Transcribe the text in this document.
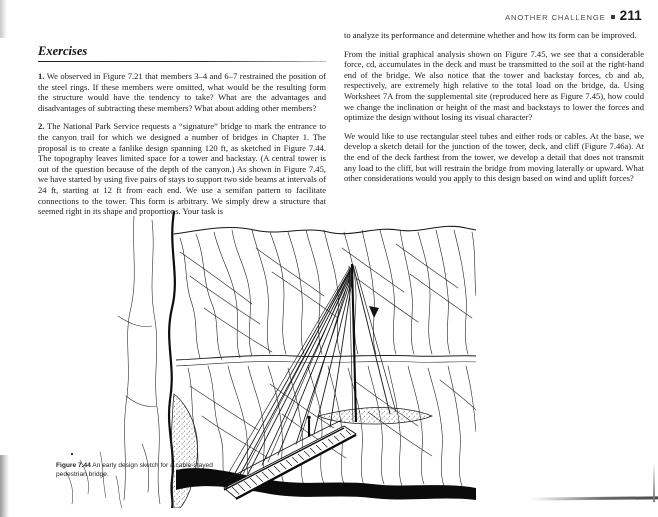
ANOTHER CHALLENGE 211
Exercises

1. We observed in Figure 7.21 that members 3–4 and 6–7 restrained the position of the steel rings. If these members were omitted, what would be the resulting form the structure would have the tendency to take? What are the advantages and disadvantages of subtracting these members? What about adding other members?

2. The National Park Service requests a “signature” bridge to mark the entrance to the canyon trail for which we designed a number of bridges in Chapter 1. The proposal is to create a fanlike design spanning 120 ft, as sketched in Figure 7.44. The topography leaves limited space for a tower and backstay. (A central tower is out of the question because of the depth of the canyon.) As shown in Figure 7.45, we have started by using five pairs of stays to support two side beams at intervals of 24 ft, starting at 12 ft from each end. We use a semifan pattern to facilitate connections to the tower. This form is arbitrary. We simply drew a structure that seemed right in its shape and proportions. Your task is

to analyze its performance and determine whether and how its form can be improved.

From the initial graphical analysis shown on Figure 7.45, we see that a considerable force, cd, accumulates in the deck and must be transmitted to the soil at the right-hand end of the bridge. We also notice that the tower and backstay forces, cb and ab, respectively, are extremely high relative to the total load on the bridge, da. Using Worksheet 7A from the supplemental site (reproduced here as Figure 7.45), how could we change the inclination or height of the mast and backstays to lower the forces and optimize the design without losing its visual character?

We would like to use rectangular steel tubes and either rods or cables. At the base, we develop a sketch detail for the junction of the tower, deck, and cliff (Figure 7.46a). At the end of the deck farthest from the tower, we develop a detail that does not transmit any load to the cliff, but will restrain the bridge from moving laterally or upward. What other considerations would you apply to this design based on wind and uplift forces?

Figure 7.44 An early design sketch for a cable-stayed pedestrian bridge.
